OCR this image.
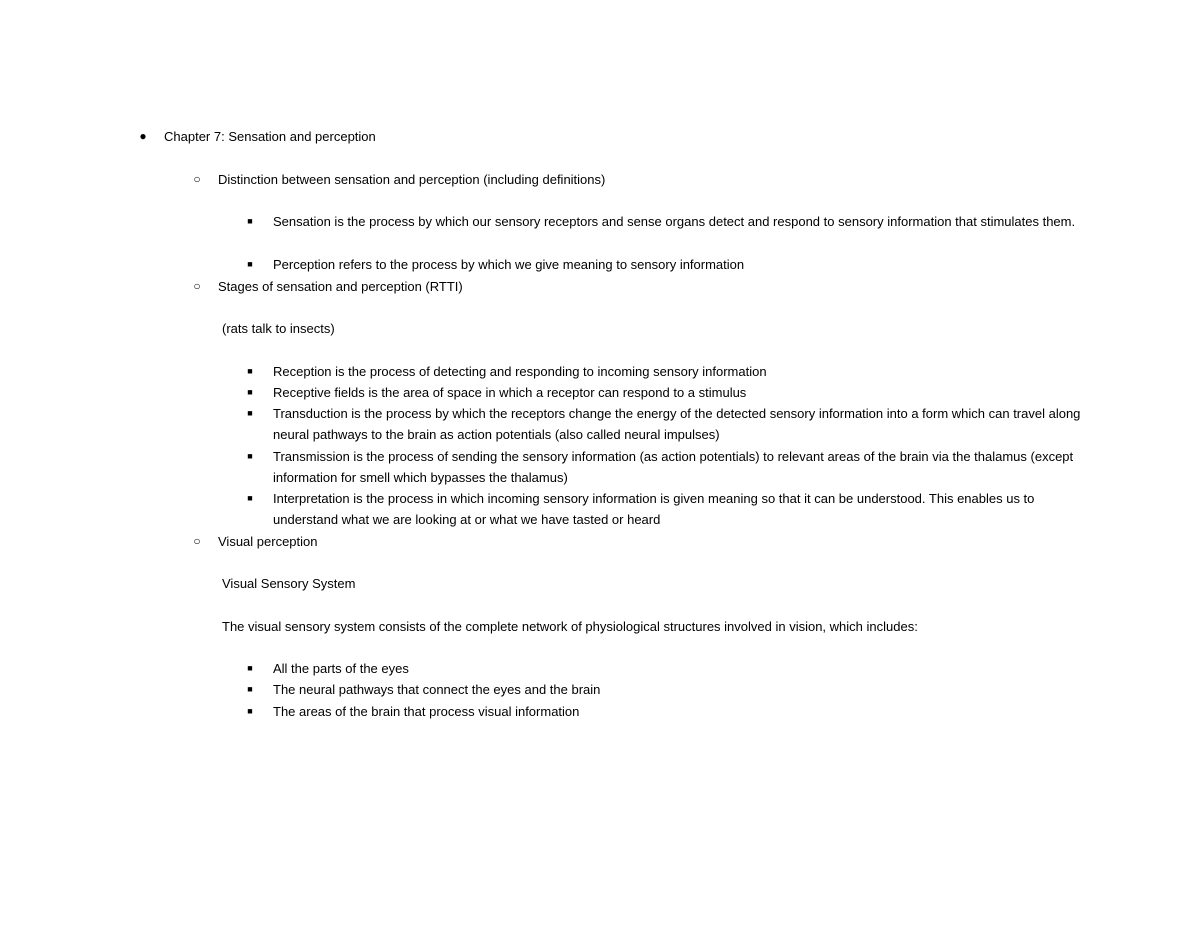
● Chapter 7: Sensation and perception
○ Distinction between sensation and perception (including definitions)
■	Sensation is the process by which our sensory receptors and sense organs detect and respond to sensory information that stimulates them.
■	Perception refers to the process by which we give meaning to sensory information
○ Stages of sensation and perception (RTTI)
(rats talk to insects)
■	Reception is the process of detecting and responding to incoming sensory information
■	Receptive fields is the area of space in which a receptor can respond to a stimulus
■	Transduction is the process by which the receptors change the energy of the detected sensory information into a form which can travel along neural pathways to the brain as action potentials (also called neural impulses)
■	Transmission is the process of sending the sensory information (as action potentials) to relevant areas of the brain via the thalamus (except information for smell which bypasses the thalamus)
■	Interpretation is the process in which incoming sensory information is given meaning so that it can be understood. This enables us to understand what we are looking at or what we have tasted or heard
○ Visual perception
Visual Sensory System
The visual sensory system consists of the complete network of physiological structures involved in vision, which includes:
■	All the parts of the eyes
■	The neural pathways that connect the eyes and the brain
■	The areas of the brain that process visual information
